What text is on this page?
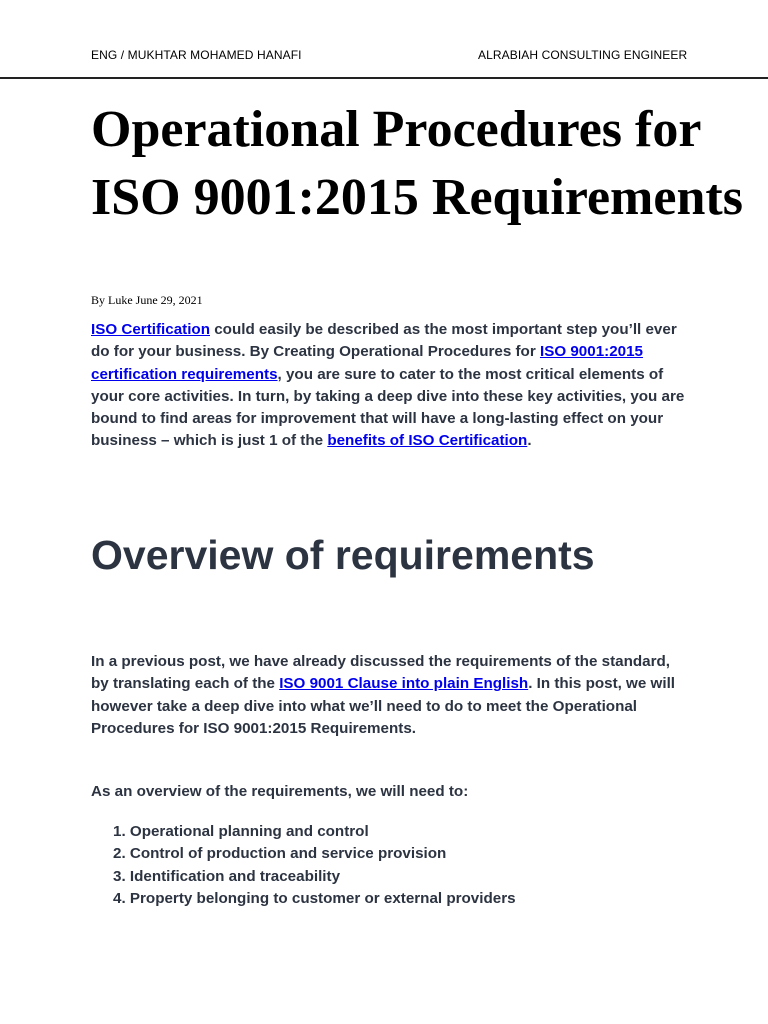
ENG / MUKHTAR MOHAMED HANAFI	ALRABIAH CONSULTING ENGINEER
Operational Procedures for ISO 9001:2015 Requirements
By Luke June 29, 2021

ISO Certification could easily be described as the most important step you’ll ever do for your business. By Creating Operational Procedures for ISO 9001:2015 certification requirements, you are sure to cater to the most critical elements of your core activities. In turn, by taking a deep dive into these key activities, you are bound to find areas for improvement that will have a long-lasting effect on your business – which is just 1 of the benefits of ISO Certification.

Overview of requirements

In a previous post, we have already discussed the requirements of the standard, by translating each of the ISO 9001 Clause into plain English. In this post, we will however take a deep dive into what we’ll need to do to meet the Operational Procedures for ISO 9001:2015 Requirements.

As an overview of the requirements, we will need to:

1. Operational planning and control
2. Control of production and service provision
3. Identification and traceability
4. Property belonging to customer or external providers
